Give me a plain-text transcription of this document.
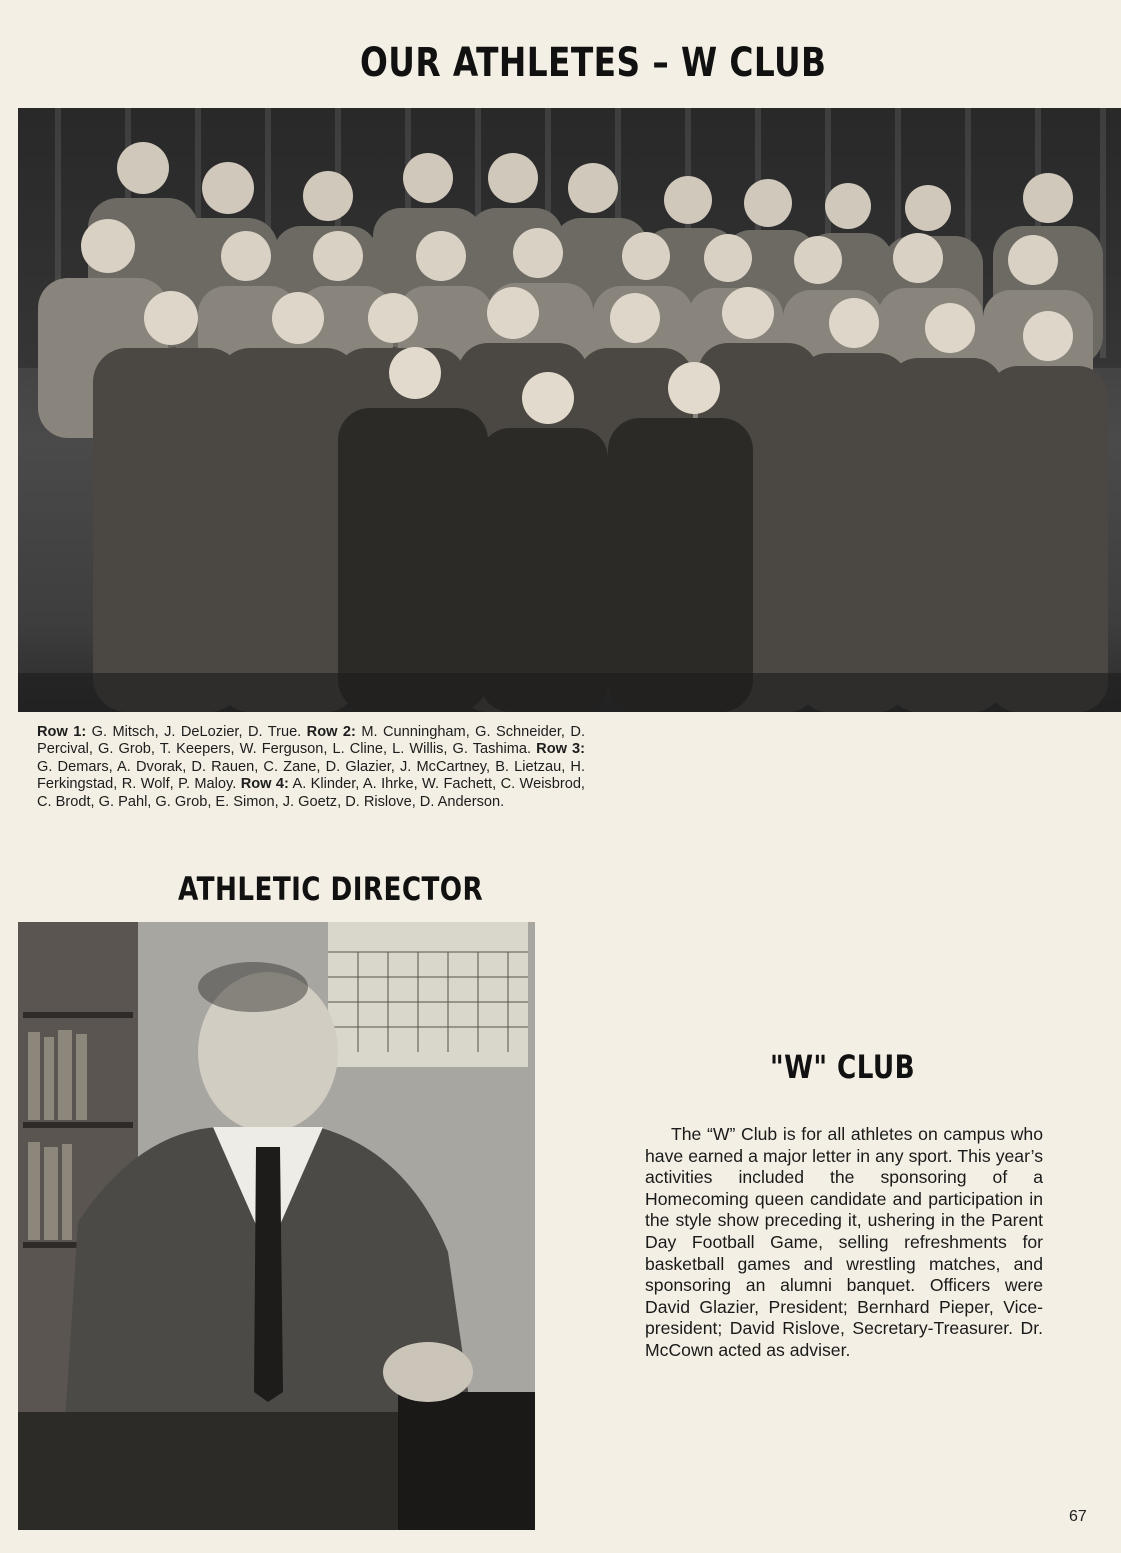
OUR ATHLETES – W CLUB
Row 1: G. Mitsch, J. DeLozier, D. True. Row 2: M. Cunningham, G. Schneider, D. Percival, G. Grob, T. Keepers, W. Ferguson, L. Cline, L. Willis, G. Tashima. Row 3: G. Demars, A. Dvorak, D. Rauen, C. Zane, D. Glazier, J. McCartney, B. Lietzau, H. Ferkingstad, R. Wolf, P. Maloy. Row 4: A. Klinder, A. Ihrke, W. Fachett, C. Weisbrod, C. Brodt, G. Pahl, G. Grob, E. Simon, J. Goetz, D. Rislove, D. Anderson.
ATHLETIC DIRECTOR
"W" CLUB
The “W” Club is for all athletes on campus who have earned a major letter in any sport. This year’s activities included the sponsoring of a Homecoming queen candidate and participation in the style show preceding it, ushering in the Parent Day Football Game, selling refreshments for basketball games and wrestling matches, and sponsoring an alumni banquet. Officers were David Glazier, President; Bernhard Pieper, Vice-president; David Rislove, Secretary-Treasurer. Dr. McCown acted as adviser.
67
